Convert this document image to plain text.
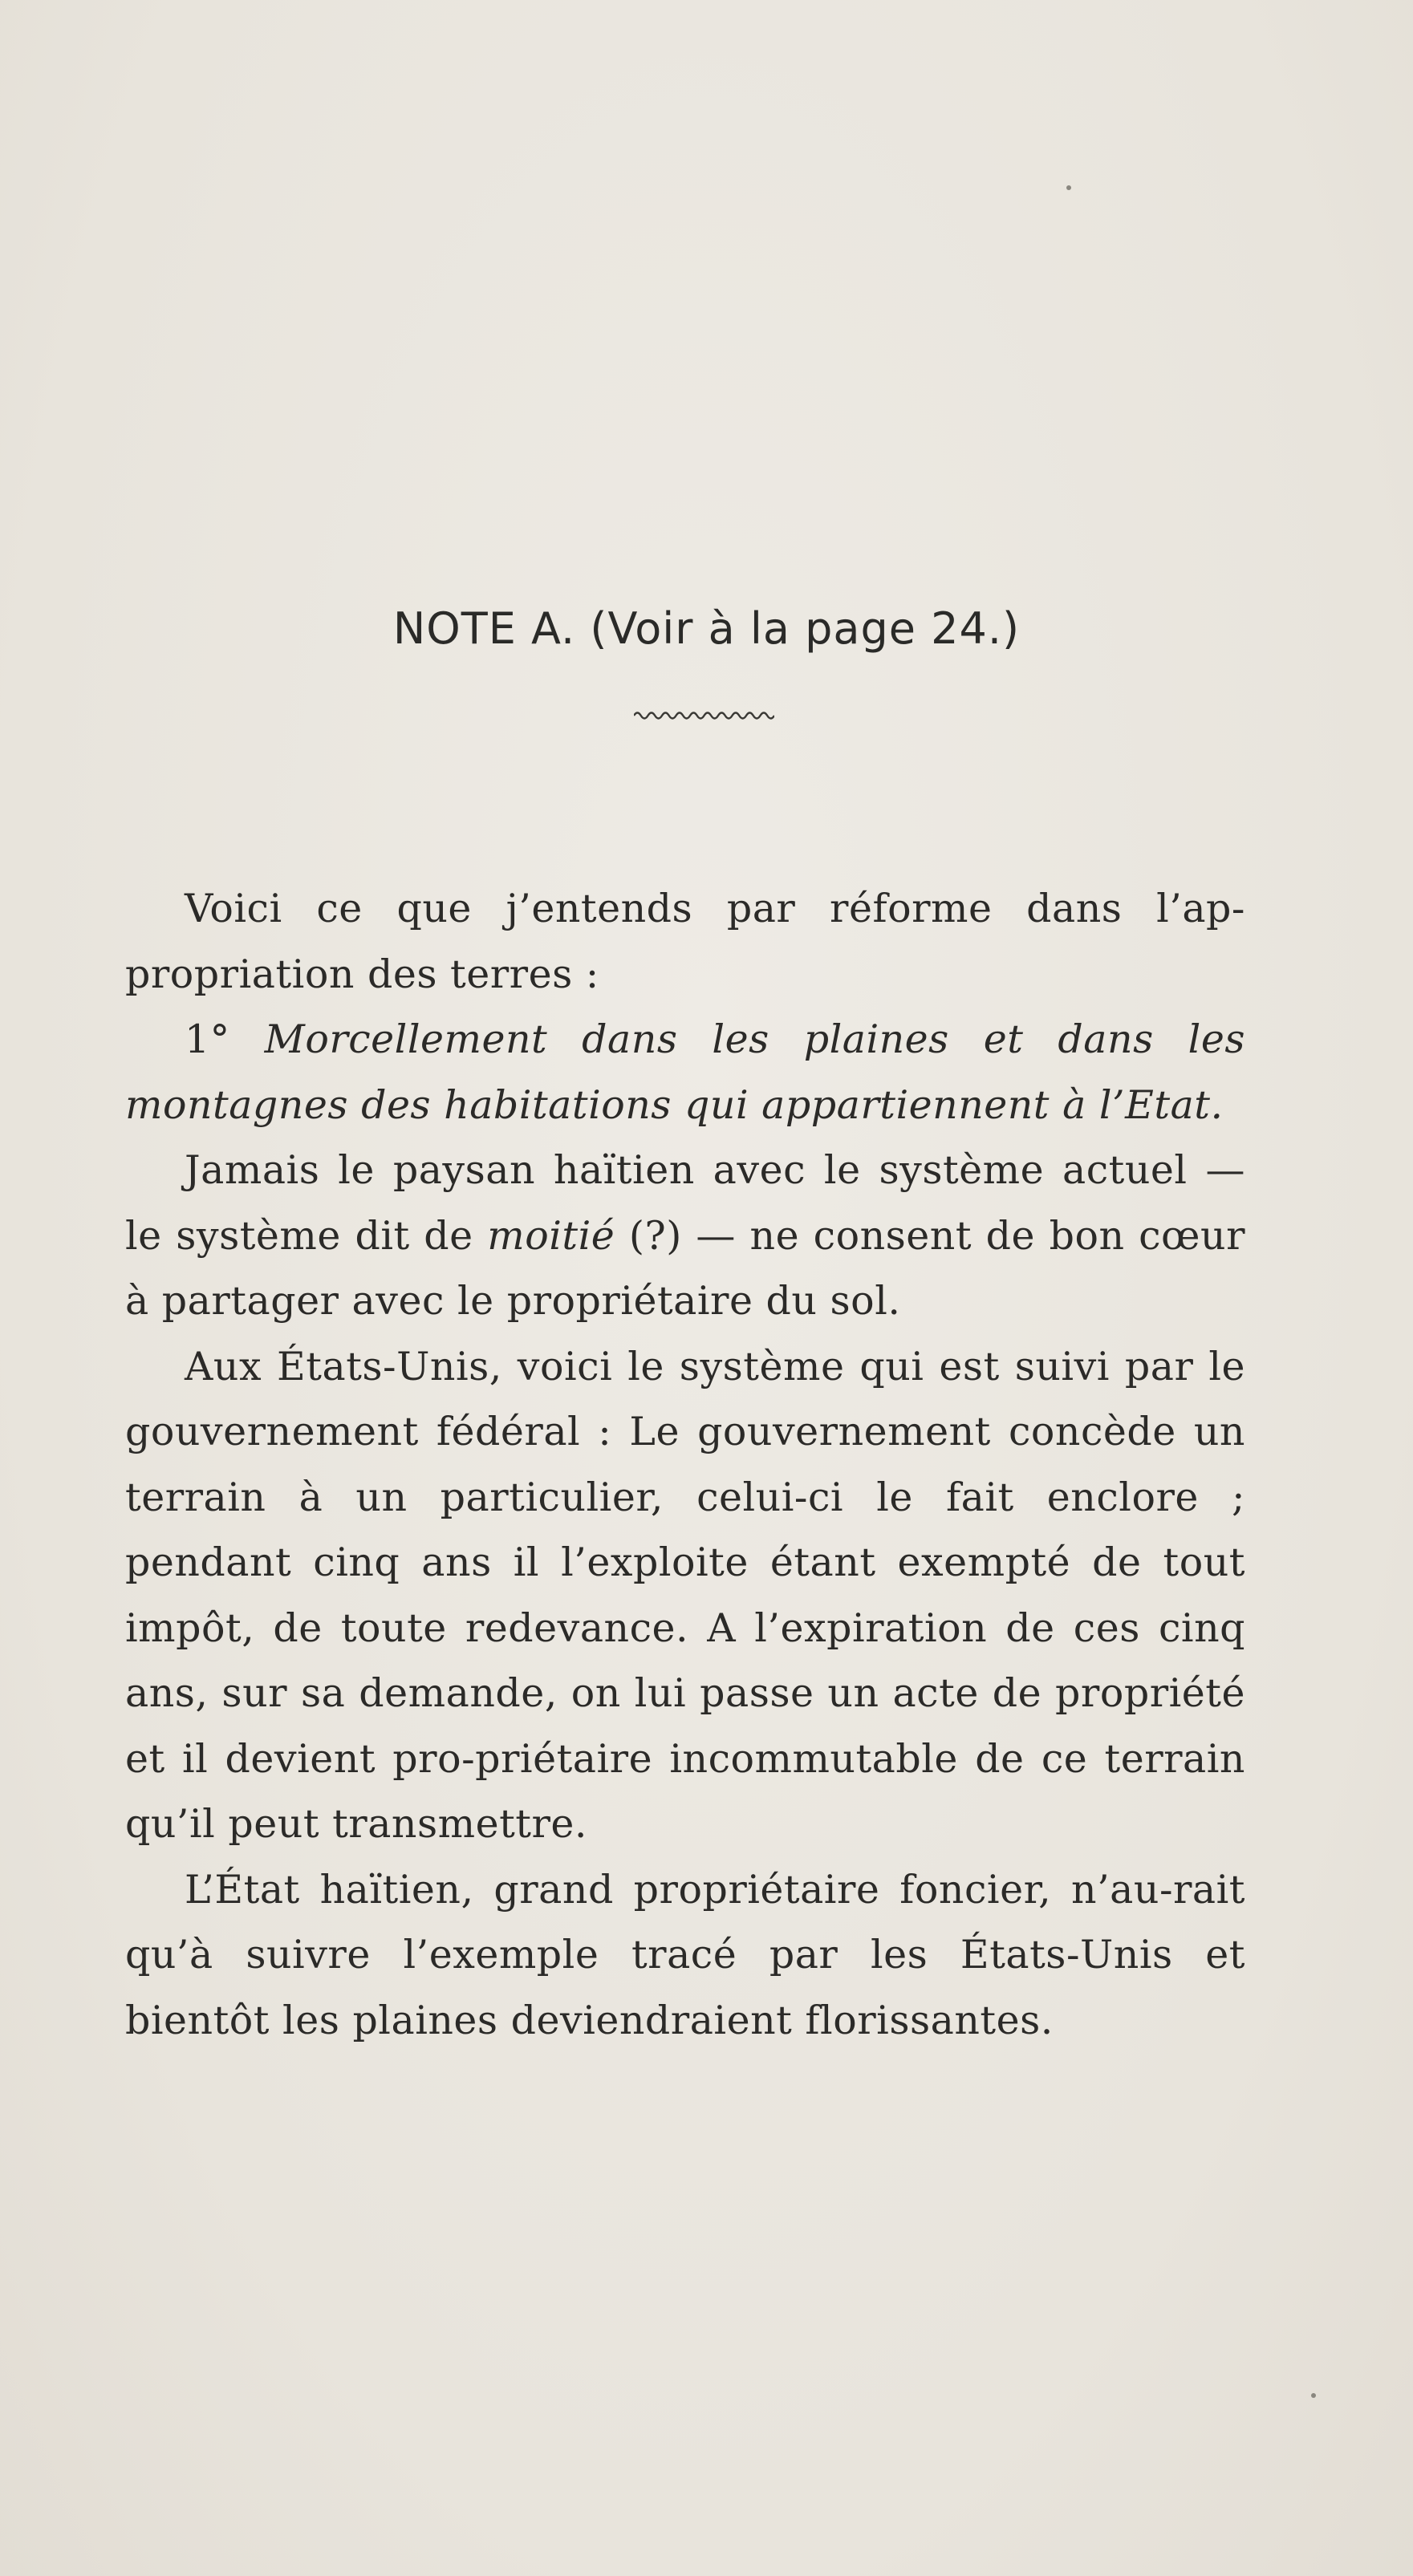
NOTE A. (Voir à la page 24.)

Voici ce que j’entends par réforme dans l’ap-propriation des terres :

1° Morcellement dans les plaines et dans les montagnes des habitations qui appartiennent à l’Etat.

Jamais le paysan haïtien avec le système actuel — le système dit de moitié (?) — ne consent de bon cœur à partager avec le propriétaire du sol.

Aux États-Unis, voici le système qui est suivi par le gouvernement fédéral : Le gouvernement concède un terrain à un particulier, celui-ci le fait enclore ; pendant cinq ans il l’exploite étant exempté de tout impôt, de toute redevance. A l’expiration de ces cinq ans, sur sa demande, on lui passe un acte de propriété et il devient pro-priétaire incommutable de ce terrain qu’il peut transmettre.

L’État haïtien, grand propriétaire foncier, n’au-rait qu’à suivre l’exemple tracé par les États-Unis et bientôt les plaines deviendraient florissantes.
